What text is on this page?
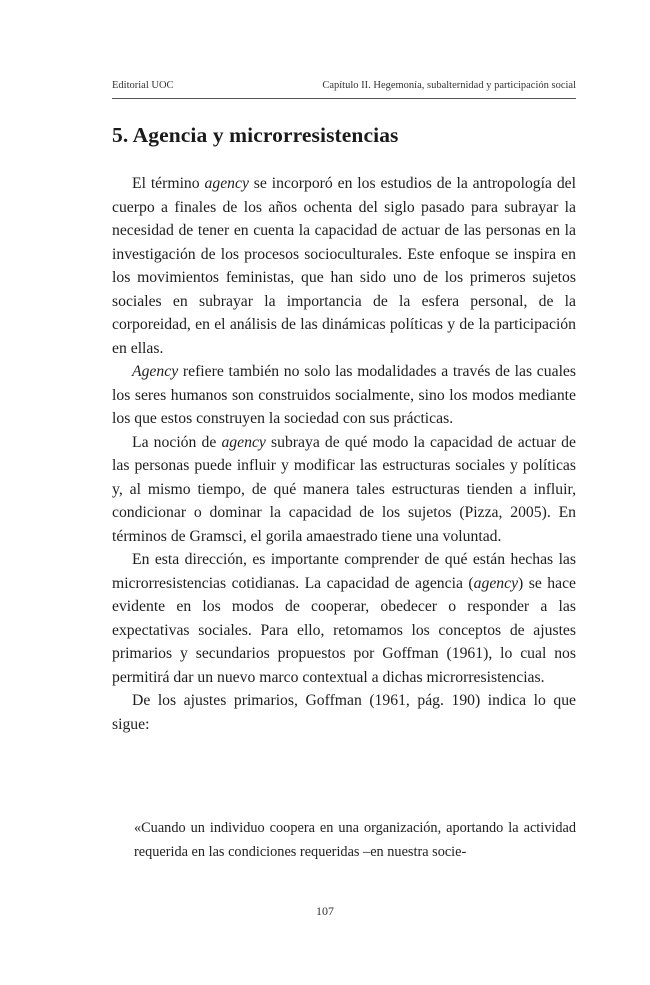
Editorial UOC	Capítulo II. Hegemonía, subalternidad y participación social
5. Agencia y microrresistencias

El término agency se incorporó en los estudios de la antropología del cuerpo a finales de los años ochenta del siglo pasado para subrayar la necesidad de tener en cuenta la capacidad de actuar de las personas en la investigación de los procesos socioculturales. Este enfoque se inspira en los movimientos feministas, que han sido uno de los primeros sujetos sociales en subrayar la importancia de la esfera personal, de la corporeidad, en el análisis de las dinámicas políticas y de la participación en ellas.

Agency refiere también no solo las modalidades a través de las cuales los seres humanos son construidos socialmente, sino los modos mediante los que estos construyen la sociedad con sus prácticas.

La noción de agency subraya de qué modo la capacidad de actuar de las personas puede influir y modificar las estructuras sociales y políticas y, al mismo tiempo, de qué manera tales estructuras tienden a influir, condicionar o dominar la capacidad de los sujetos (Pizza, 2005). En términos de Gramsci, el gorila amaestrado tiene una voluntad.

En esta dirección, es importante comprender de qué están hechas las microrresistencias cotidianas. La capacidad de agencia (agency) se hace evidente en los modos de cooperar, obedecer o responder a las expectativas sociales. Para ello, retomamos los conceptos de ajustes primarios y secundarios propuestos por Goffman (1961), lo cual nos permitirá dar un nuevo marco contextual a dichas microrresistencias.

De los ajustes primarios, Goffman (1961, pág. 190) indica lo que sigue:

«Cuando un individuo coopera en una organización, aportando la actividad requerida en las condiciones requeridas –en nuestra socie-

107
